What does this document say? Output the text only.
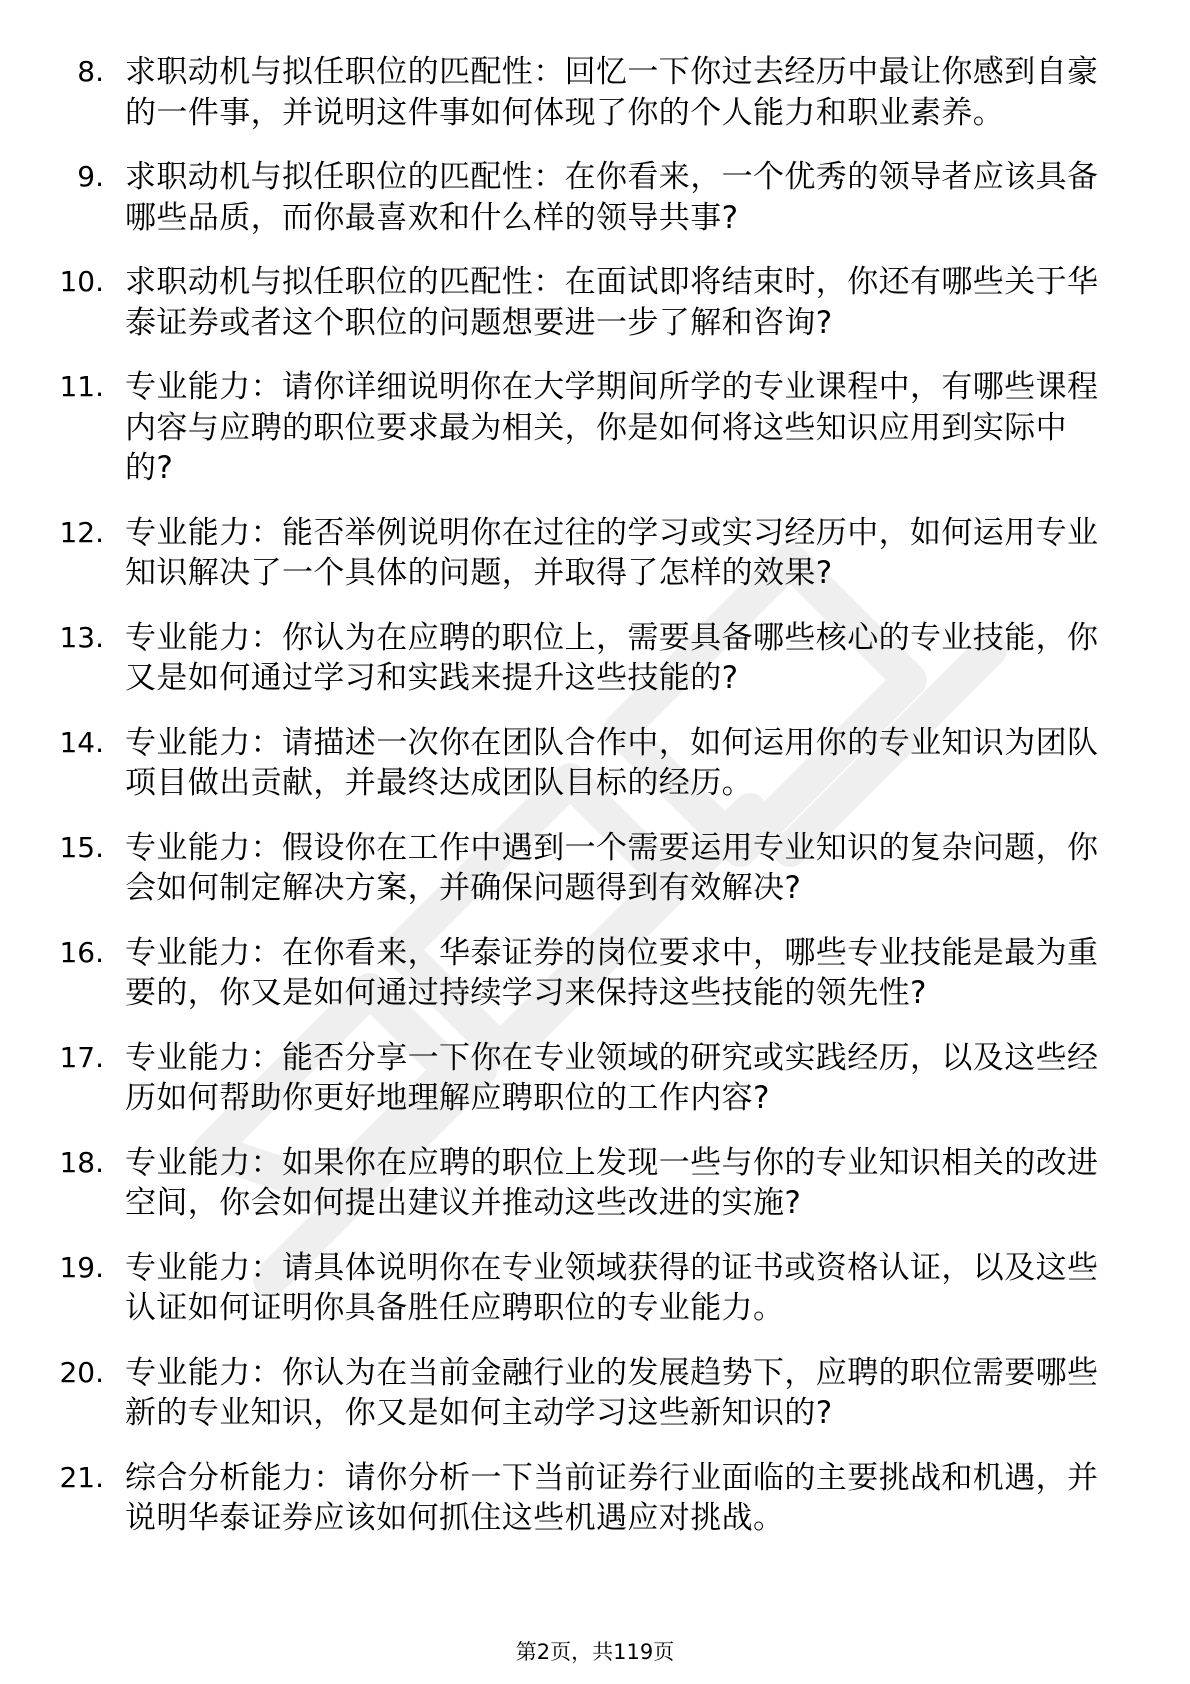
8. 求职动机与拟任职位的匹配性：回忆一下你过去经历中最让你感到自豪的一件事，并说明这件事如何体现了你的个人能力和职业素养。
9. 求职动机与拟任职位的匹配性：在你看来，一个优秀的领导者应该具备哪些品质，而你最喜欢和什么样的领导共事?
10. 求职动机与拟任职位的匹配性：在面试即将结束时，你还有哪些关于华泰证券或者这个职位的问题想要进一步了解和咨询?
11. 专业能力：请你详细说明你在大学期间所学的专业课程中，有哪些课程内容与应聘的职位要求最为相关，你是如何将这些知识应用到实际中的?
12. 专业能力：能否举例说明你在过往的学习或实习经历中，如何运用专业知识解决了一个具体的问题，并取得了怎样的效果?
13. 专业能力：你认为在应聘的职位上，需要具备哪些核心的专业技能，你又是如何通过学习和实践来提升这些技能的?
14. 专业能力：请描述一次你在团队合作中，如何运用你的专业知识为团队项目做出贡献，并最终达成团队目标的经历。
15. 专业能力：假设你在工作中遇到一个需要运用专业知识的复杂问题，你会如何制定解决方案，并确保问题得到有效解决?
16. 专业能力：在你看来，华泰证券的岗位要求中，哪些专业技能是最为重要的，你又是如何通过持续学习来保持这些技能的领先性?
17. 专业能力：能否分享一下你在专业领域的研究或实践经历，以及这些经历如何帮助你更好地理解应聘职位的工作内容?
18. 专业能力：如果你在应聘的职位上发现一些与你的专业知识相关的改进空间，你会如何提出建议并推动这些改进的实施?
19. 专业能力：请具体说明你在专业领域获得的证书或资格认证，以及这些认证如何证明你具备胜任应聘职位的专业能力。
20. 专业能力：你认为在当前金融行业的发展趋势下，应聘的职位需要哪些新的专业知识，你又是如何主动学习这些新知识的?
21. 综合分析能力：请你分析一下当前证券行业面临的主要挑战和机遇，并说明华泰证券应该如何抓住这些机遇应对挑战。
第2页，共119页
